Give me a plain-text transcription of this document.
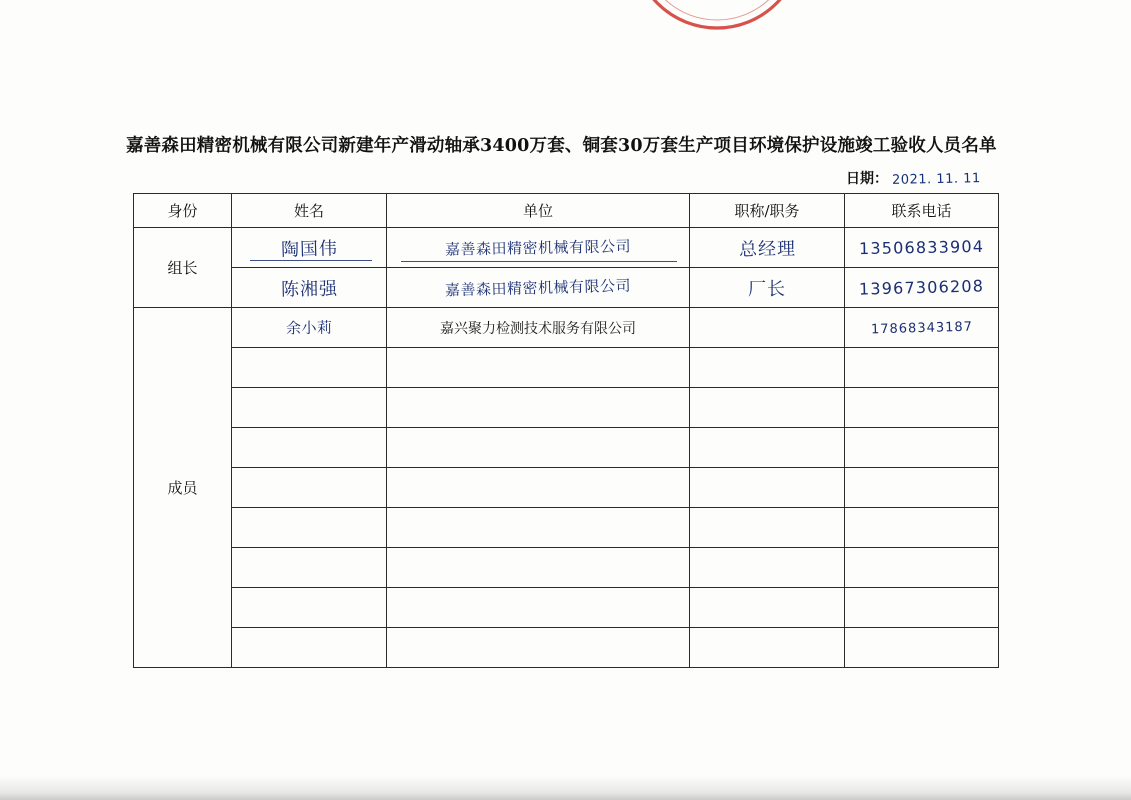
嘉善森田精密机械有限公司新建年产滑动轴承3400万套、铜套30万套生产项目环境保护设施竣工验收人员名单
日期： 2021. 11. 11
身份	姓名	单位	职称/职务	联系电话
组长	陶国伟	嘉善森田精密机械有限公司	总经理	13506833904
	陈湘强	嘉善森田精密机械有限公司	厂长	13967306208
成员	余小莉	嘉兴聚力检测技术服务有限公司		17868343187
